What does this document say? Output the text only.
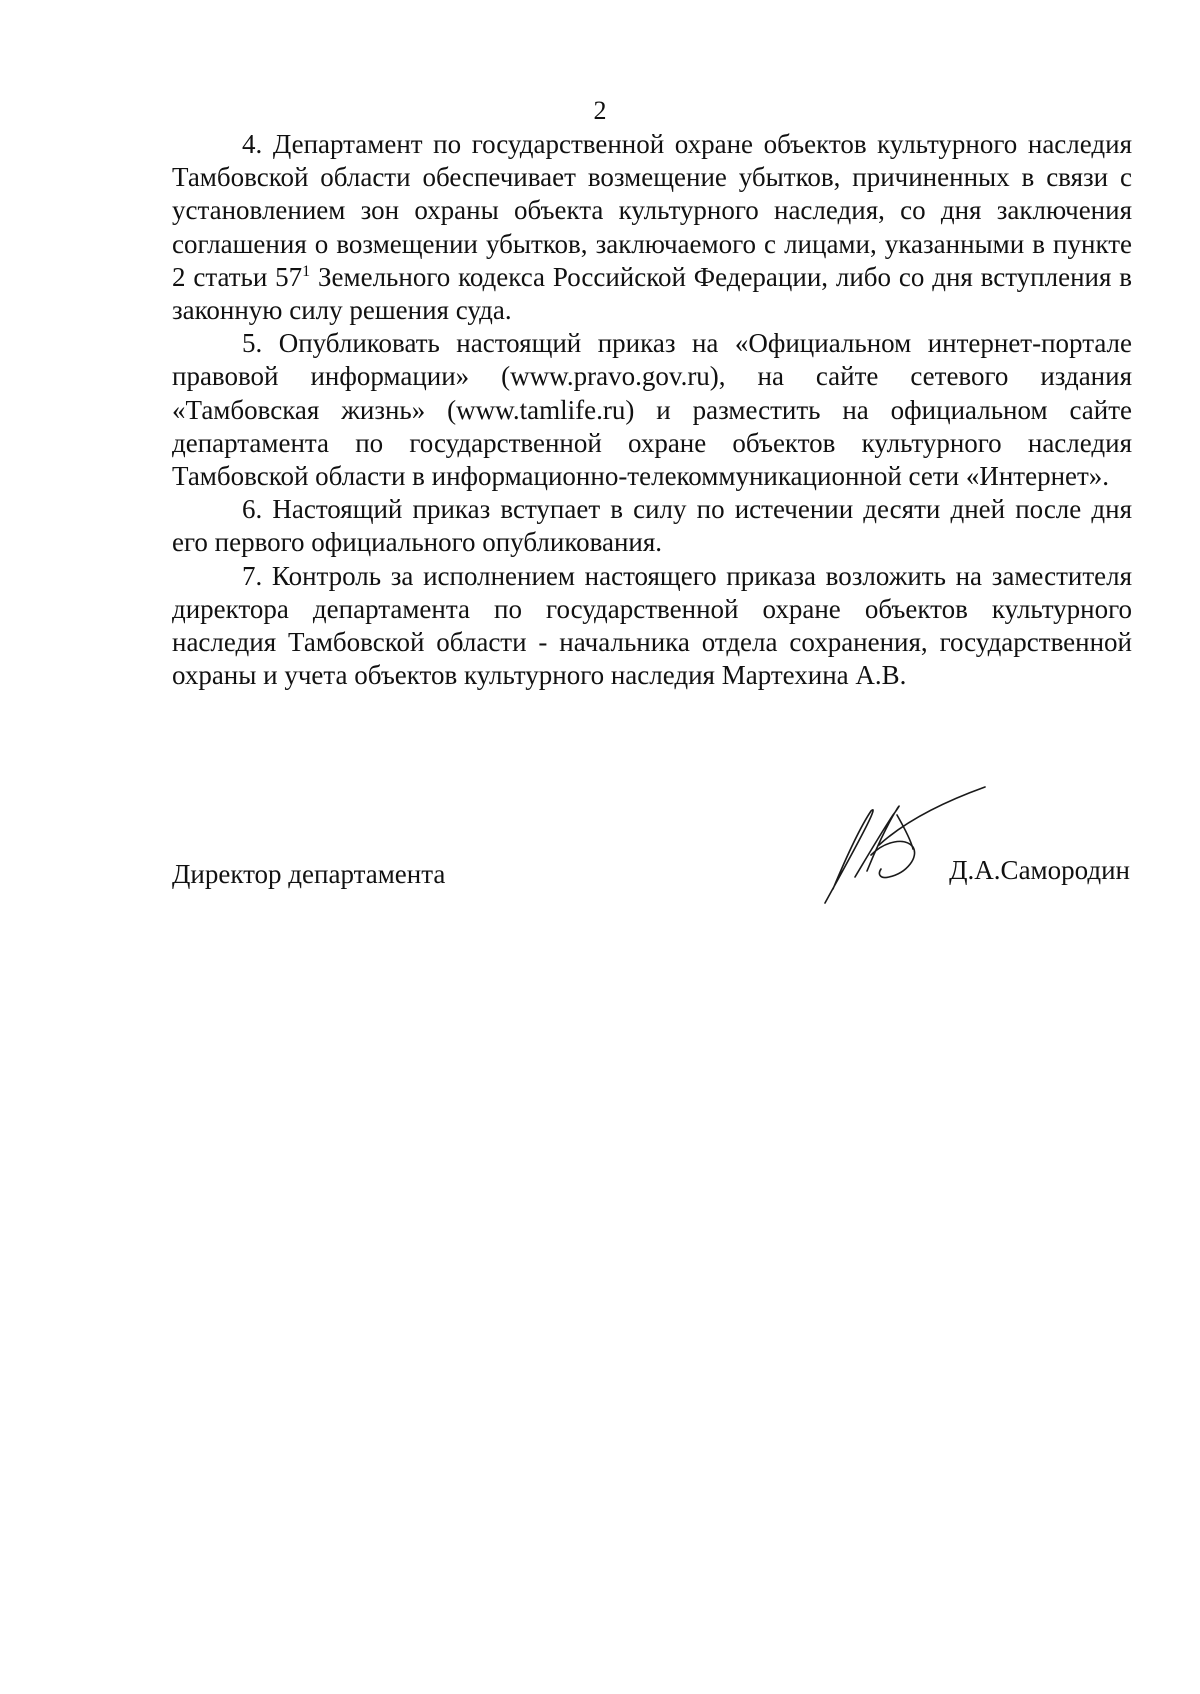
2

4. Департамент по государственной охране объектов культурного наследия Тамбовской области обеспечивает возмещение убытков, причиненных в связи с установлением зон охраны объекта культурного наследия, со дня заключения соглашения о возмещении убытков, заключаемого с лицами, указанными в пункте 2 статьи $57^1$ Земельного кодекса Российской Федерации, либо со дня вступления в законную силу решения суда.

5. Опубликовать настоящий приказ на «Официальном интернет-портале правовой информации» (www.pravo.gov.ru), на сайте сетевого издания «Тамбовская жизнь» (www.tamlife.ru) и разместить на официальном сайте департамента по государственной охране объектов культурного наследия Тамбовской области в информационно-телекоммуникационной сети «Интернет».

6. Настоящий приказ вступает в силу по истечении десяти дней после дня его первого официального опубликования.

7. Контроль за исполнением настоящего приказа возложить на заместителя директора департамента по государственной охране объектов культурного наследия Тамбовской области - начальника отдела сохранения, государственной охраны и учета объектов культурного наследия Мартехина А.В.

Директор департамента	Д.А.Самородин
